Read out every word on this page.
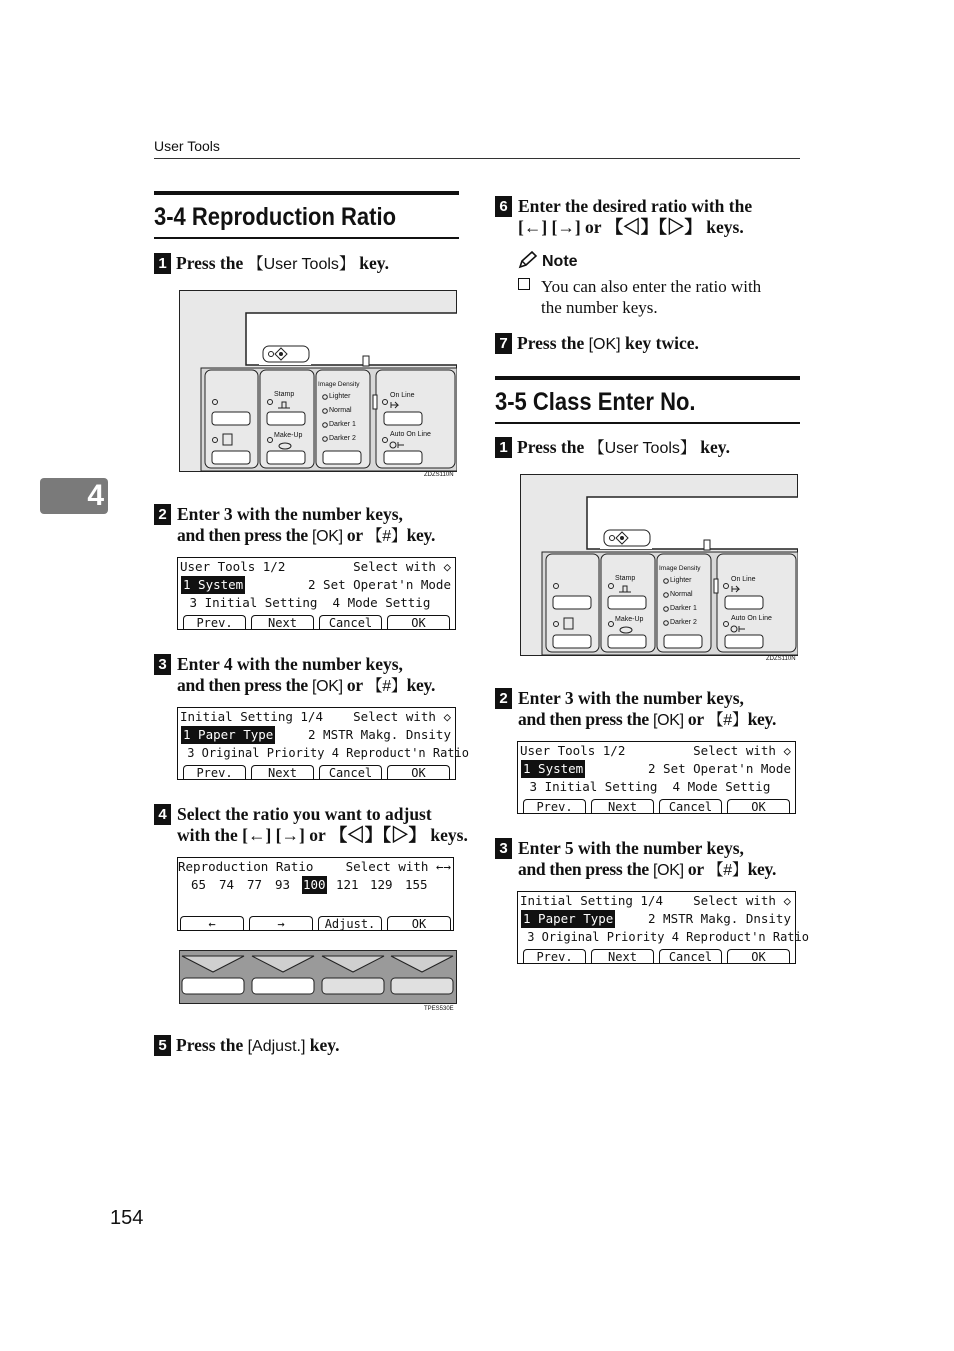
User Tools
4
3-4 Reproduction Ratio
1 Press the 【User Tools】 key.
Stamp
Make-Up
Image Density
Lighter
Normal
Darker 1
Darker 2
On Line
Auto On Line
ZDZS110N
2 Enter 3 with the number keys,
and then press the [OK] or 【#】key.
User Tools 1/2	Select with ◇
1 System	2 Set Operat'n Mode
3 Initial Setting  4 Mode Settig
Prev.	Next	Cancel	OK
3 Enter 4 with the number keys,
and then press the [OK] or 【#】key.
Initial Setting 1/4 Select with ◇
1 Paper Type	2 MSTR Makg. Dnsity
3 Original Priority 4 Reproduct'n Ratio
Prev.	Next	Cancel	OK
4 Select the ratio you want to adjust
with the [←] [→] or 【◁】【▷】 keys.
Reproduction Ratio	Select with ←→
65 74 77 93 100 121 129 155
←	→	Adjust.	OK
TPES530E
5 Press the [Adjust.] key.
6 Enter the desired ratio with the
[←] [→] or 【◁】【▷】 keys.
Note
You can also enter the ratio with
the number keys.
7 Press the [OK] key twice.
3-5 Class Enter No.
1 Press the 【User Tools】 key.
Stamp
Make-Up
Image Density
Lighter
Normal
Darker 1
Darker 2
On Line
Auto On Line
ZDZS110N
2 Enter 3 with the number keys,
and then press the [OK] or 【#】key.
User Tools 1/2	Select with ◇
1 System	2 Set Operat'n Mode
3 Initial Setting  4 Mode Settig
Prev.	Next	Cancel	OK
3 Enter 5 with the number keys,
and then press the [OK] or 【#】key.
Initial Setting 1/4 Select with ◇
1 Paper Type	2 MSTR Makg. Dnsity
3 Original Priority 4 Reproduct'n Ratio
Prev.	Next	Cancel	OK
154
